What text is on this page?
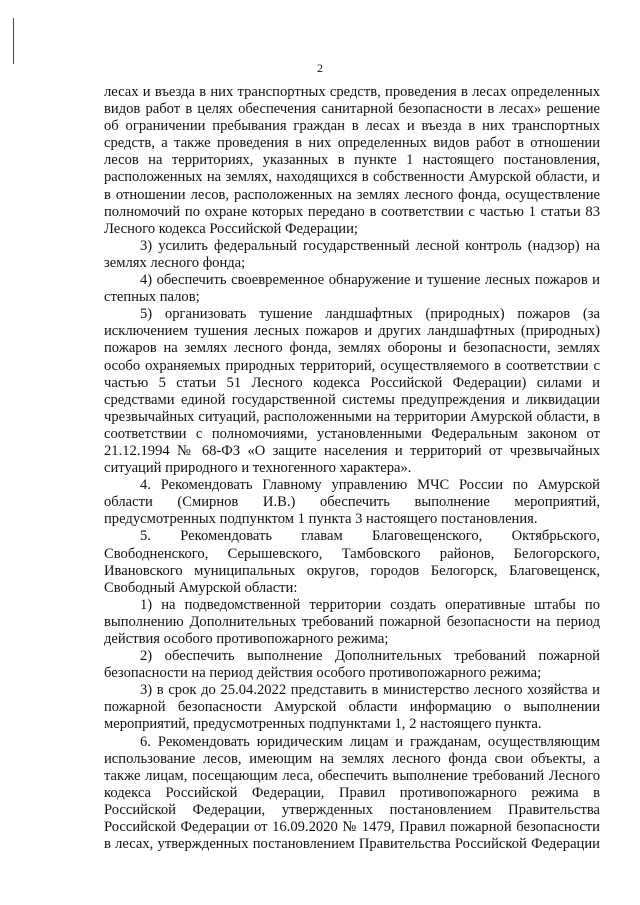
2

лесах и въезда в них транспортных средств, проведения в лесах определенных видов работ в целях обеспечения санитарной безопасности в лесах» решение об ограничении пребывания граждан в лесах и въезда в них транспортных средств, а также проведения в них определенных видов работ в отношении лесов на территориях, указанных в пункте 1 настоящего постановления, расположенных на землях, находящихся в собственности Амурской области, и в отношении лесов, расположенных на землях лесного фонда, осуществление полномочий по охране которых передано в соответствии с частью 1 статьи 83 Лесного кодекса Российской Федерации;

3) усилить федеральный государственный лесной контроль (надзор) на землях лесного фонда;

4) обеспечить своевременное обнаружение и тушение лесных пожаров и степных палов;

5) организовать тушение ландшафтных (природных) пожаров (за исключением тушения лесных пожаров и других ландшафтных (природных) пожаров на землях лесного фонда, землях обороны и безопасности, землях особо охраняемых природных территорий, осуществляемого в соответствии с частью 5 статьи 51 Лесного кодекса Российской Федерации) силами и средствами единой государственной системы предупреждения и ликвидации чрезвычайных ситуаций, расположенными на территории Амурской области, в соответствии с полномочиями, установленными Федеральным законом от 21.12.1994 № 68-ФЗ «О защите населения и территорий от чрезвычайных ситуаций природного и техногенного характера».

4. Рекомендовать Главному управлению МЧС России по Амурской области (Смирнов И.В.) обеспечить выполнение мероприятий, предусмотренных подпунктом 1 пункта 3 настоящего постановления.

5. Рекомендовать главам Благовещенского, Октябрьского, Свободненского, Серышевского, Тамбовского районов, Белогорского, Ивановского муниципальных округов, городов Белогорск, Благовещенск, Свободный Амурской области:

1) на подведомственной территории создать оперативные штабы по выполнению Дополнительных требований пожарной безопасности на период действия особого противопожарного режима;

2) обеспечить выполнение Дополнительных требований пожарной безопасности на период действия особого противопожарного режима;

3) в срок до 25.04.2022 представить в министерство лесного хозяйства и пожарной безопасности Амурской области информацию о выполнении мероприятий, предусмотренных подпунктами 1, 2 настоящего пункта.

6. Рекомендовать юридическим лицам и гражданам, осуществляющим использование лесов, имеющим на землях лесного фонда свои объекты, а также лицам, посещающим леса, обеспечить выполнение требований Лесного кодекса Российской Федерации, Правил противопожарного режима в Российской Федерации, утвержденных постановлением Правительства Российской Федерации от 16.09.2020 № 1479, Правил пожарной безопасности в лесах, утвержденных постановлением Правительства Российской Федерации
